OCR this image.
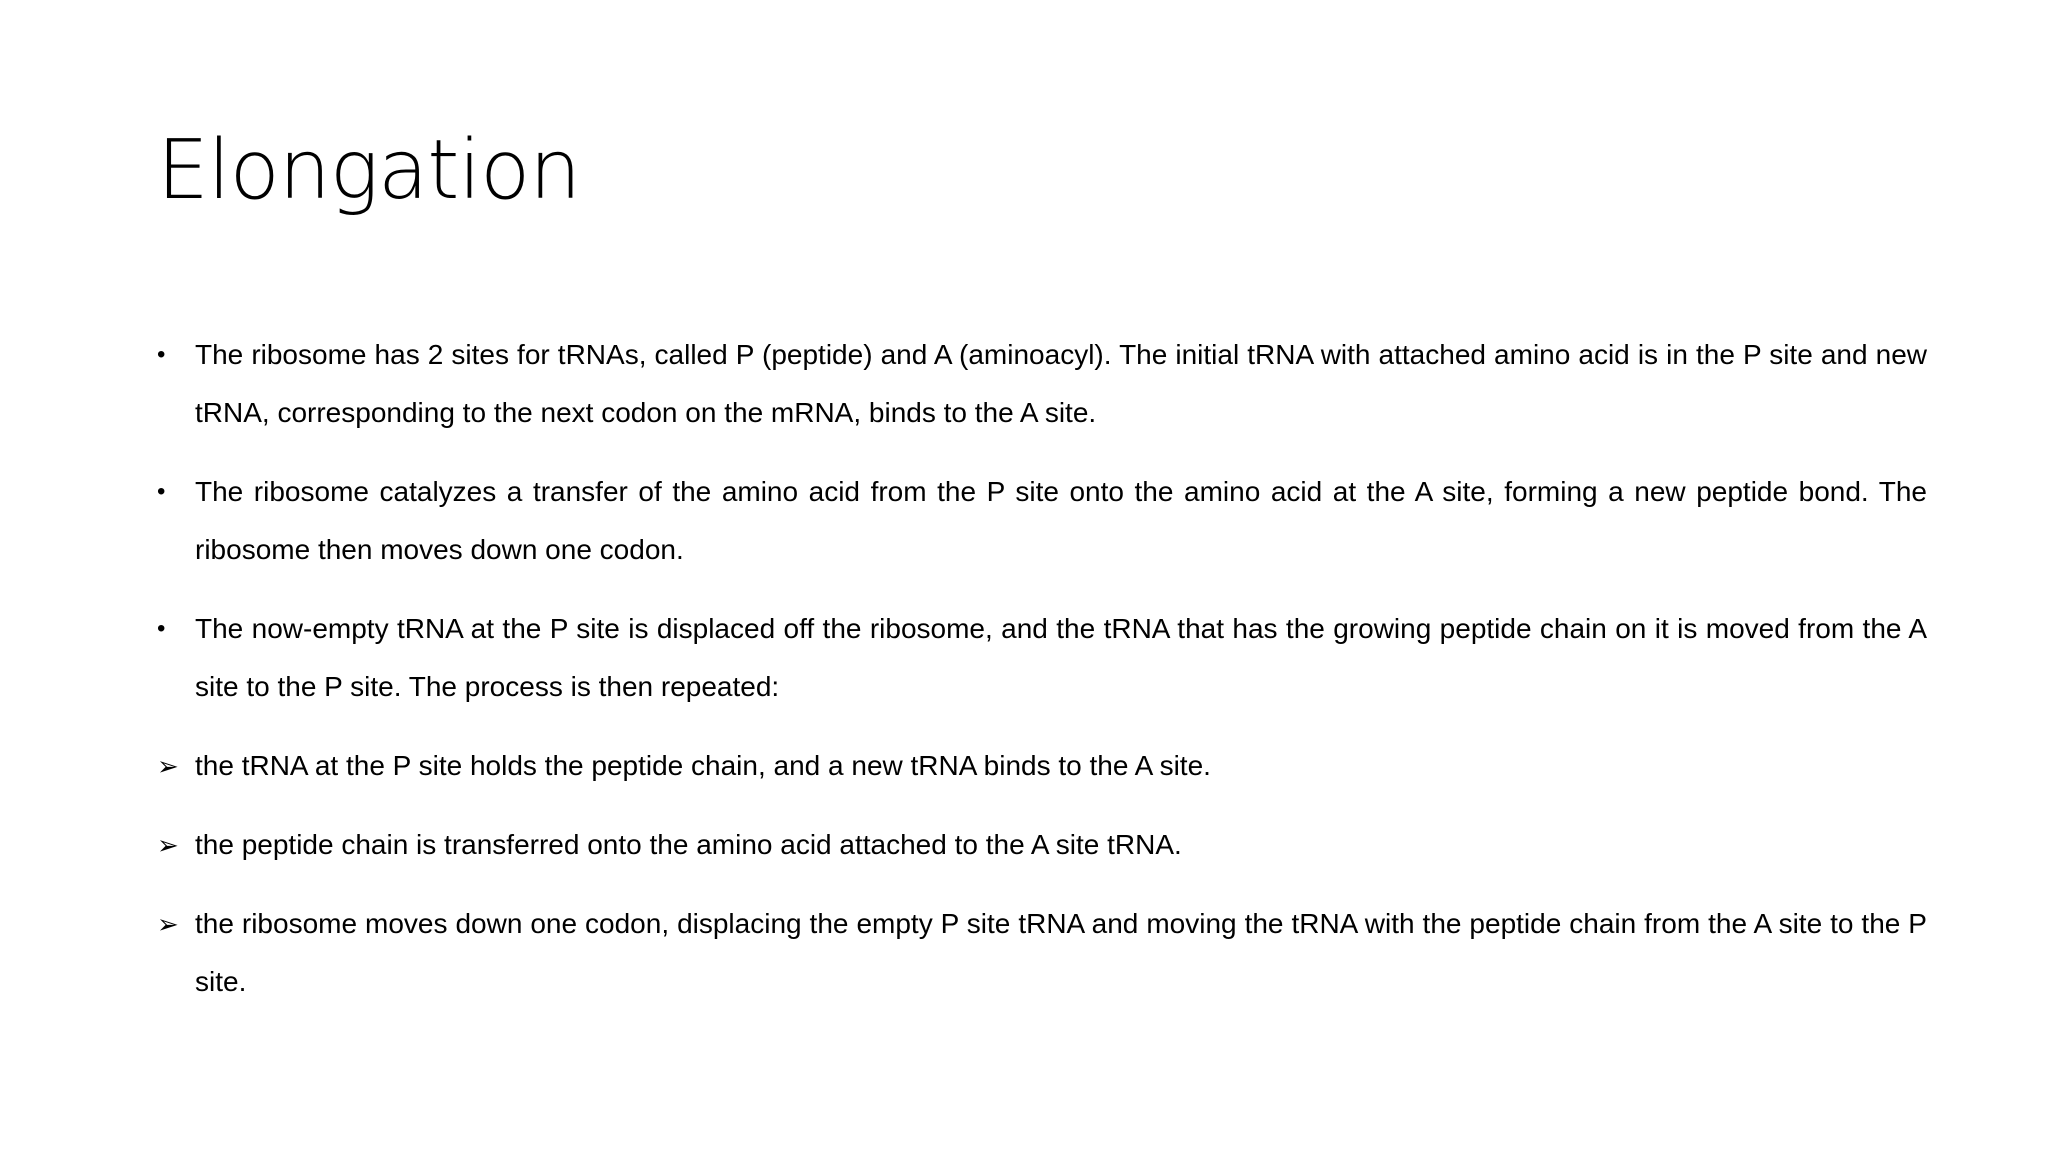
Elongation
• The ribosome has 2 sites for tRNAs, called P (peptide) and A (aminoacyl). The initial tRNA with attached amino acid is in the P site and new tRNA, corresponding to the next codon on the mRNA, binds to the A site.
• The ribosome catalyzes a transfer of the amino acid from the P site onto the amino acid at the A site, forming a new peptide bond. The ribosome then moves down one codon.
• The now-empty tRNA at the P site is displaced off the ribosome, and the tRNA that has the growing peptide chain on it is moved from the A site to the P site. The process is then repeated:
➢ the tRNA at the P site holds the peptide chain, and a new tRNA binds to the A site.
➢ the peptide chain is transferred onto the amino acid attached to the A site tRNA.
➢ the ribosome moves down one codon, displacing the empty P site tRNA and moving the tRNA with the peptide chain from the A site to the P site.
